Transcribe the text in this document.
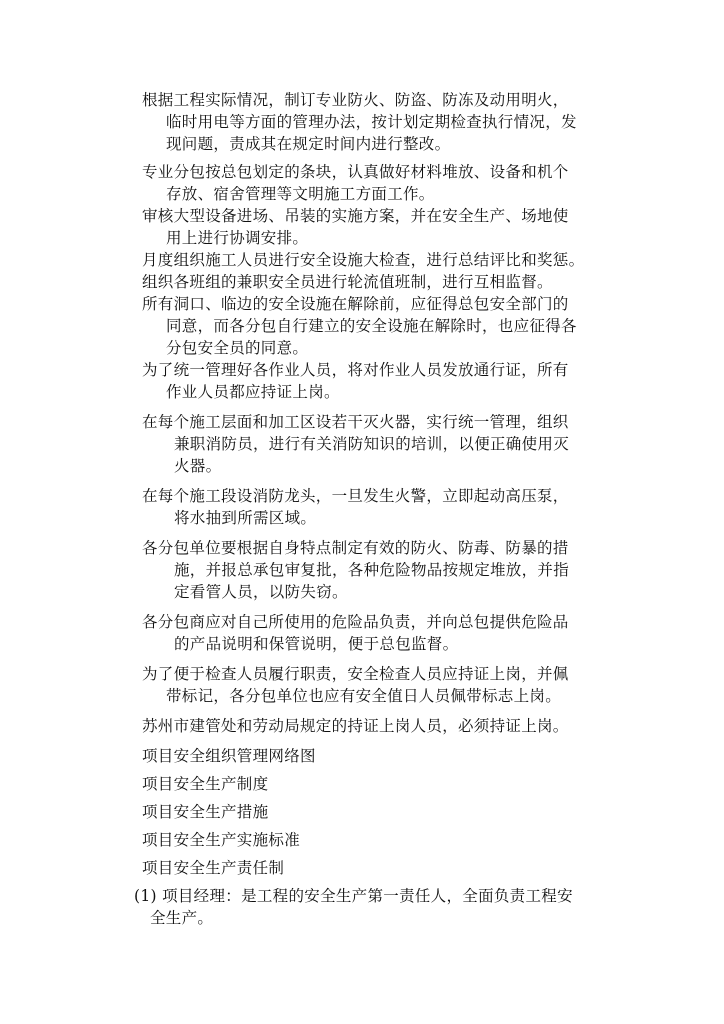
根据工程实际情况，制订专业防火、防盗、防冻及动用明火，
临时用电等方面的管理办法，按计划定期检查执行情况，发
现问题，责成其在规定时间内进行整改。
专业分包按总包划定的条块，认真做好材料堆放、设备和机个
存放、宿舍管理等文明施工方面工作。
审核大型设备进场、吊装的实施方案，并在安全生产、场地使
用上进行协调安排。
月度组织施工人员进行安全设施大检查，进行总结评比和奖惩。
组织各班组的兼职安全员进行轮流值班制，进行互相监督。
所有洞口、临边的安全设施在解除前，应征得总包安全部门的
同意，而各分包自行建立的安全设施在解除时，也应征得各
分包安全员的同意。
为了统一管理好各作业人员，将对作业人员发放通行证，所有
作业人员都应持证上岗。
在每个施工层面和加工区设若干灭火器，实行统一管理，组织
兼职消防员，进行有关消防知识的培训，以便正确使用灭
火器。
在每个施工段设消防龙头，一旦发生火警，立即起动高压泵，
将水抽到所需区域。
各分包单位要根据自身特点制定有效的防火、防毒、防暴的措
施，并报总承包审复批，各种危险物品按规定堆放，并指
定看管人员，以防失窃。
各分包商应对自己所使用的危险品负责，并向总包提供危险品
的产品说明和保管说明，便于总包监督。
为了便于检查人员履行职责，安全检查人员应持证上岗，并佩
带标记，各分包单位也应有安全值日人员佩带标志上岗。
苏州市建管处和劳动局规定的持证上岗人员，必须持证上岗。
项目安全组织管理网络图
项目安全生产制度
项目安全生产措施
项目安全生产实施标准
项目安全生产责任制
(1) 项目经理：是工程的安全生产第一责任人，全面负责工程安
全生产。
